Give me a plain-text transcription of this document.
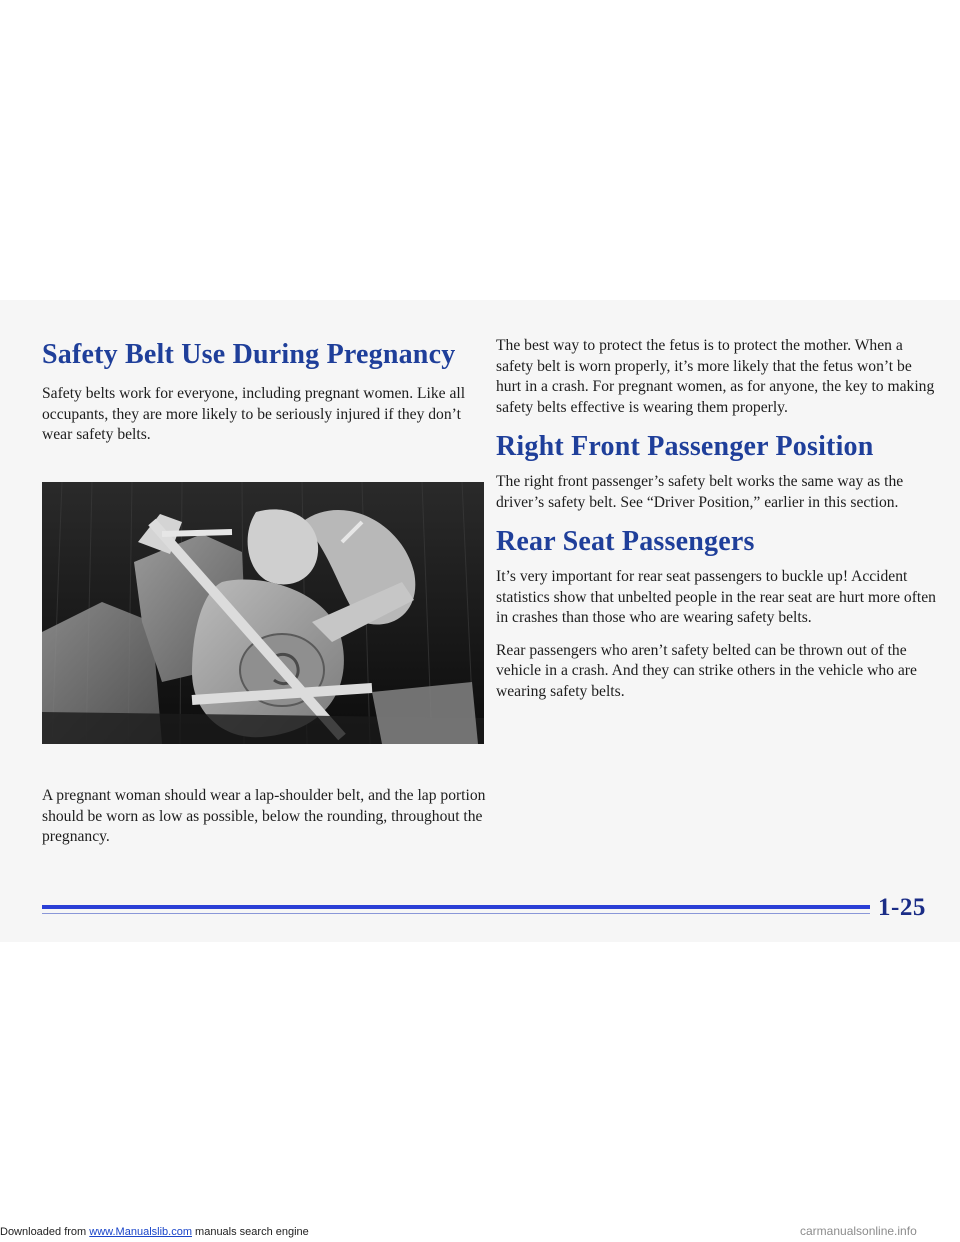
Safety Belt Use During Pregnancy

Safety belts work for everyone, including pregnant women. Like all occupants, they are more likely to be seriously injured if they don’t wear safety belts.

A pregnant woman should wear a lap-shoulder belt, and the lap portion should be worn as low as possible, below the rounding, throughout the pregnancy.

The best way to protect the fetus is to protect the mother. When a safety belt is worn properly, it’s more likely that the fetus won’t be hurt in a crash. For pregnant women, as for anyone, the key to making safety belts effective is wearing them properly.

Right Front Passenger Position

The right front passenger’s safety belt works the same way as the driver’s safety belt. See “Driver Position,” earlier in this section.

Rear Seat Passengers

It’s very important for rear seat passengers to buckle up! Accident statistics show that unbelted people in the rear seat are hurt more often in crashes than those who are wearing safety belts.

Rear passengers who aren’t safety belted can be thrown out of the vehicle in a crash. And they can strike others in the vehicle who are wearing safety belts.

1-25
Downloaded from www.Manualslib.com manuals search engine	carmanualsonline.info
